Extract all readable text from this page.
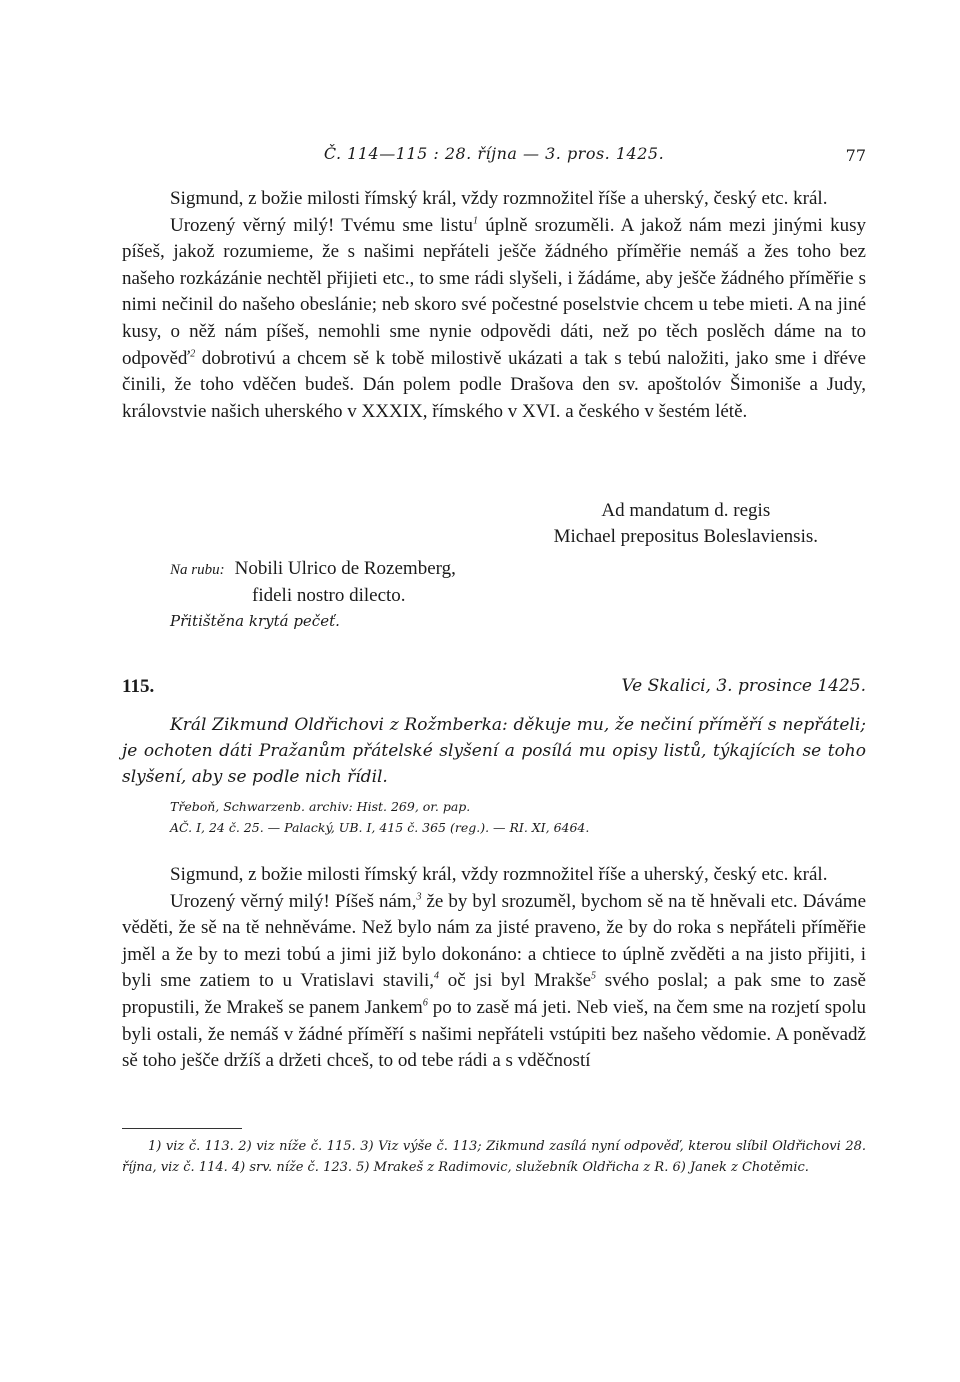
Č. 114—115 : 28. října — 3. pros. 1425.	77

Sigmund, z božie milosti římský král, vždy rozmnožitel říše a uherský, český etc. král.

Urozený věrný milý! Tvému sme listu$^1$ úplně srozuměli. A jakož nám mezi jinými kusy píšeš, jakož rozumieme, že s našimi nepřáteli ješče žádného příměřie nemáš a žes toho bez našeho rozkázánie nechtěl přijieti etc., to sme rádi slyšeli, i žádáme, aby ješče žádného příměřie s nimi nečinil do našeho obeslánie; neb skoro své počestné poselstvie chcem u tebe mieti. A na jiné kusy, o něž nám píšeš, nemohli sme nynie odpovědi dáti, než po těch poslěch dáme na to odpověď$^2$ dobrotivú a chcem sě k tobě milostivě ukázati a tak s tebú naložiti, jako sme i dřéve činili, že toho vděčen budeš. Dán polem podle Drašova den sv. apoštolóv Šimoniše a Judy, královstvie našich uherského v XXXIX, římského v XVI. a českého v šestém létě.

Ad mandatum d. regis
Michael prepositus Boleslaviensis.
Na rubu: Nobili Ulrico de Rozemberg,
fideli nostro dilecto.
Přitištěna krytá pečeť.
115.	Ve Skalici, 3. prosince 1425.

Král Zikmund Oldřichovi z Rožmberka: děkuje mu, že nečiní příměří s nepřáteli; je ochoten dáti Pražanům přátelské slyšení a posílá mu opisy listů, týkajících se toho slyšení, aby se podle nich řídil.

Třeboň, Schwarzenb. archiv: Hist. 269, or. pap.
AČ. I, 24 č. 25. — Palacký, UB. I, 415 č. 365 (reg.). — RI. XI, 6464.

Sigmund, z božie milosti římský král, vždy rozmnožitel říše a uherský, český etc. král.

Urozený věrný milý! Píšeš nám,$^3$ že by byl srozuměl, bychom sě na tě hněvali etc. Dáváme věděti, že sě na tě nehněváme. Než bylo nám za jisté praveno, že by do roka s nepřáteli příměřie jměl a že by to mezi tobú a jimi již bylo dokonáno: a chtiece to úplně zvěděti a na jisto přijiti, i byli sme zatiem to u Vratislavi stavili,$^4$ oč jsi byl Mrakše$^5$ svého poslal; a pak sme to zasě propustili, že Mrakeš se panem Jankem$^6$ po to zasě má jeti. Neb vieš, na čem sme na rozjetí spolu byli ostali, že nemáš v žádné příměří s našimi nepřáteli vstúpiti bez našeho vědomie. A poněvadž sě toho ješče držíš a držeti chceš, to od tebe rádi a s vděčností

1) viz č. 113. 2) viz níže č. 115. 3) Viz výše č. 113; Zikmund zasílá nyní odpověď, kterou slíbil Oldřichovi 28. října, viz č. 114. 4) srv. níže č. 123. 5) Mrakeš z Radimovic, služebník Oldřicha z R. 6) Janek z Chotěmic.
